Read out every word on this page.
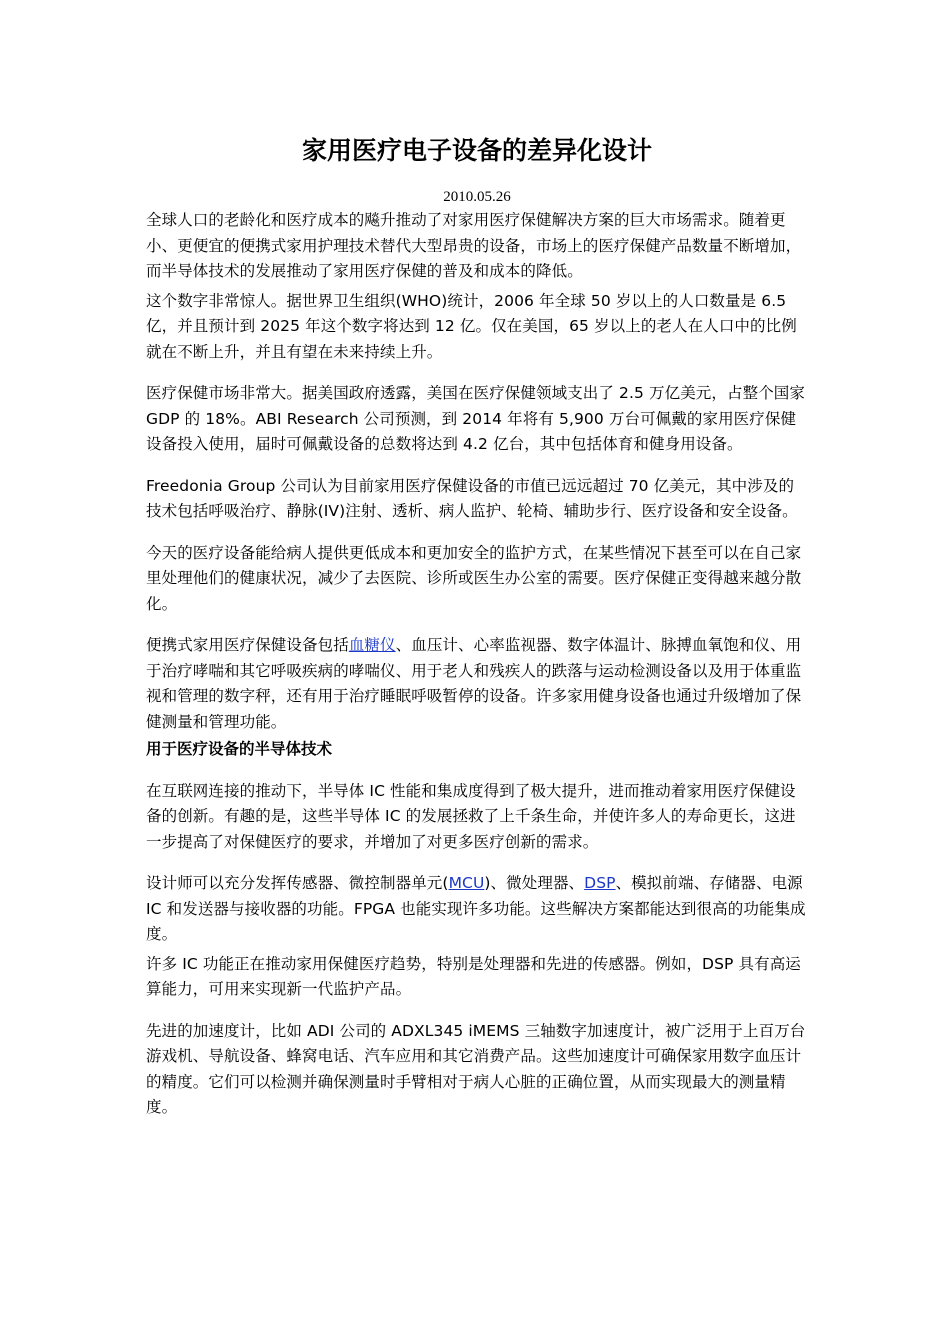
家用医疗电子设备的差异化设计
2010.05.26

全球人口的老龄化和医疗成本的飚升推动了对家用医疗保健解决方案的巨大市场需求。随着更小、更便宜的便携式家用护理技术替代大型昂贵的设备，市场上的医疗保健产品数量不断增加，而半导体技术的发展推动了家用医疗保健的普及和成本的降低。

这个数字非常惊人。据世界卫生组织(WHO)统计，2006 年全球 50 岁以上的人口数量是 6.5 亿，并且预计到 2025 年这个数字将达到 12 亿。仅在美国，65 岁以上的老人在人口中的比例就在不断上升，并且有望在未来持续上升。

医疗保健市场非常大。据美国政府透露，美国在医疗保健领域支出了 2.5 万亿美元，占整个国家 GDP 的 18%。ABI Research 公司预测，到 2014 年将有 5,900 万台可佩戴的家用医疗保健设备投入使用，届时可佩戴设备的总数将达到 4.2 亿台，其中包括体育和健身用设备。

Freedonia Group 公司认为目前家用医疗保健设备的市值已远远超过 70 亿美元，其中涉及的技术包括呼吸治疗、静脉(IV)注射、透析、病人监护、轮椅、辅助步行、医疗设备和安全设备。

今天的医疗设备能给病人提供更低成本和更加安全的监护方式，在某些情况下甚至可以在自己家里处理他们的健康状况，减少了去医院、诊所或医生办公室的需要。医疗保健正变得越来越分散化。

便携式家用医疗保健设备包括血糖仪、血压计、心率监视器、数字体温计、脉搏血氧饱和仪、用于治疗哮喘和其它呼吸疾病的哮喘仪、用于老人和残疾人的跌落与运动检测设备以及用于体重监视和管理的数字秤，还有用于治疗睡眠呼吸暂停的设备。许多家用健身设备也通过升级增加了保健测量和管理功能。

用于医疗设备的半导体技术

在互联网连接的推动下，半导体 IC 性能和集成度得到了极大提升，进而推动着家用医疗保健设备的创新。有趣的是，这些半导体 IC 的发展拯救了上千条生命，并使许多人的寿命更长，这进一步提高了对保健医疗的要求，并增加了对更多医疗创新的需求。

设计师可以充分发挥传感器、微控制器单元(MCU)、微处理器、DSP、模拟前端、存储器、电源 IC 和发送器与接收器的功能。FPGA 也能实现许多功能。这些解决方案都能达到很高的功能集成度。

许多 IC 功能正在推动家用保健医疗趋势，特别是处理器和先进的传感器。例如，DSP 具有高运算能力，可用来实现新一代监护产品。

先进的加速度计，比如 ADI 公司的 ADXL345 iMEMS 三轴数字加速度计，被广泛用于上百万台游戏机、导航设备、蜂窝电话、汽车应用和其它消费产品。这些加速度计可确保家用数字血压计的精度。它们可以检测并确保测量时手臂相对于病人心脏的正确位置，从而实现最大的测量精度。
